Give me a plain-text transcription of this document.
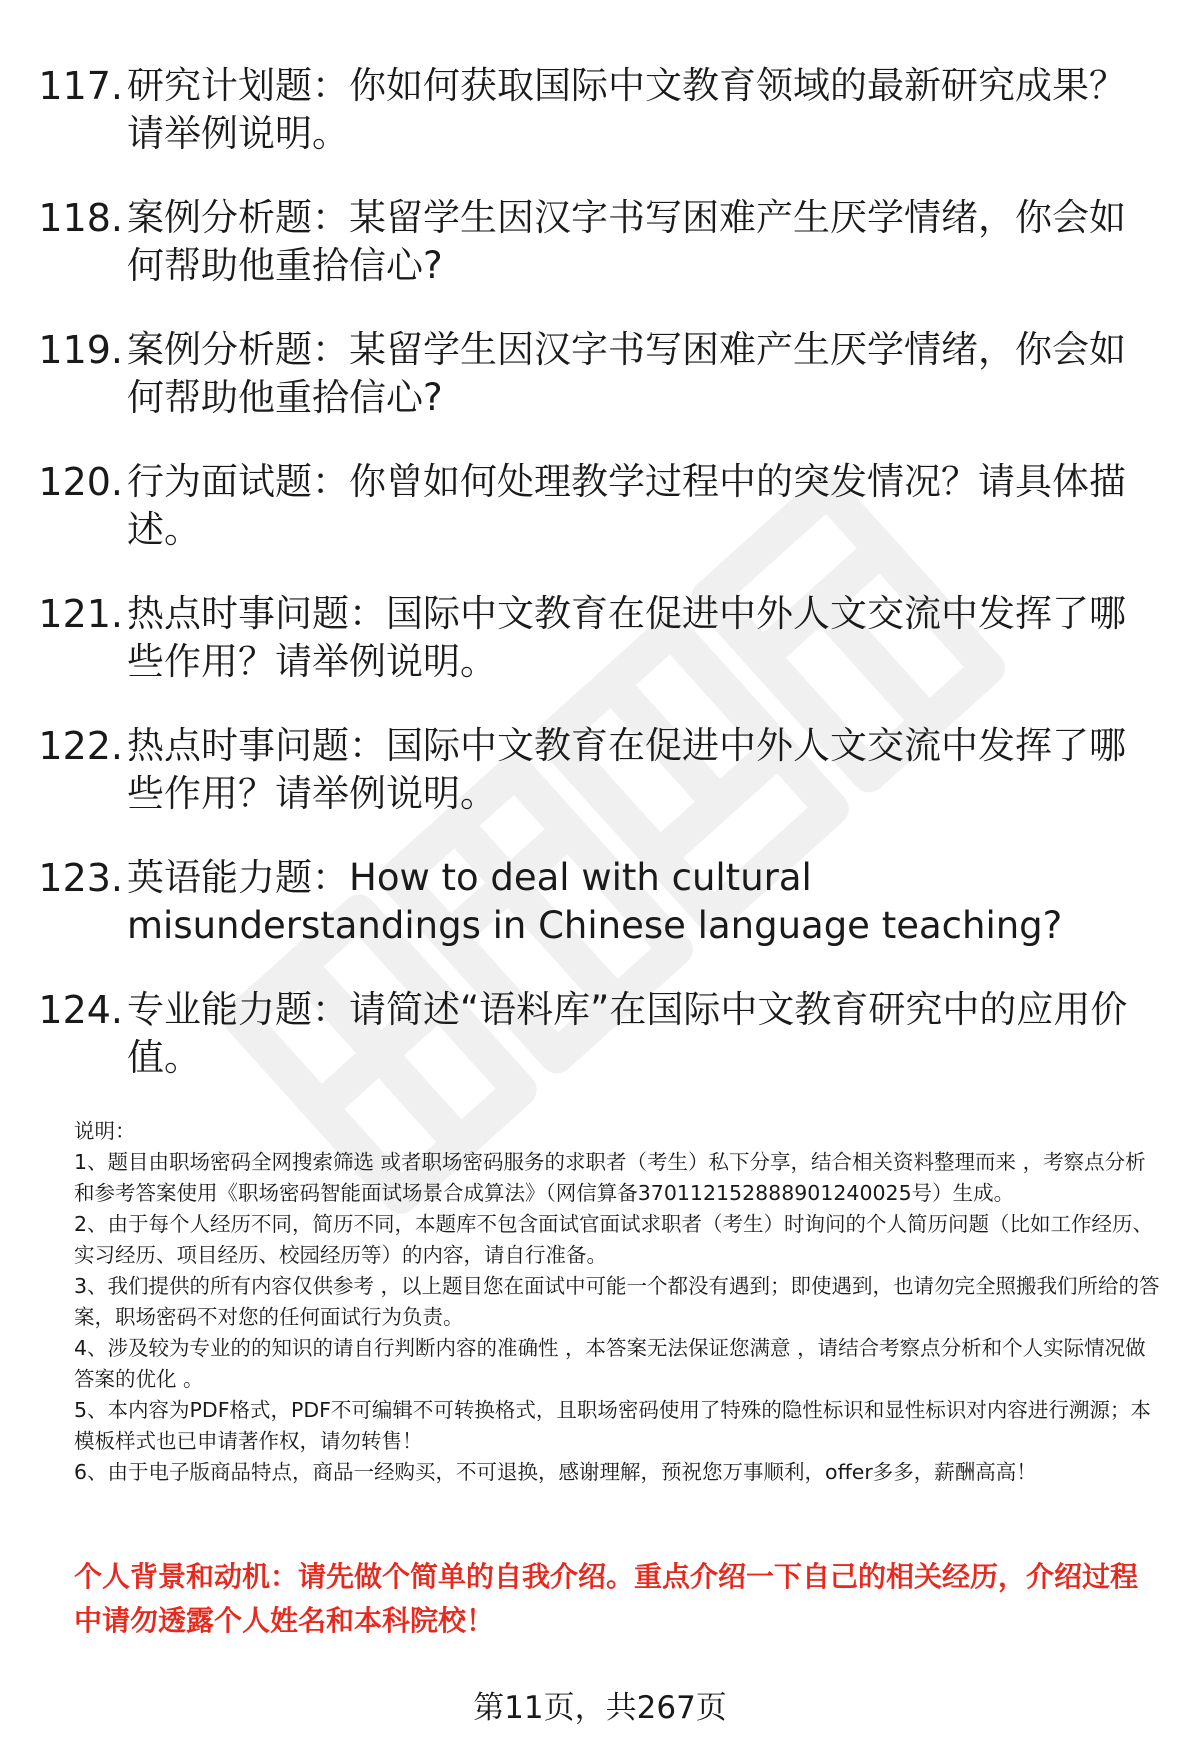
117. 研究计划题：你如何获取国际中文教育领域的最新研究成果？请举例说明。
118. 案例分析题：某留学生因汉字书写困难产生厌学情绪，你会如何帮助他重拾信心?
119. 案例分析题：某留学生因汉字书写困难产生厌学情绪，你会如何帮助他重拾信心?
120. 行为面试题：你曾如何处理教学过程中的突发情况？请具体描述。
121. 热点时事问题：国际中文教育在促进中外人文交流中发挥了哪些作用？请举例说明。
122. 热点时事问题：国际中文教育在促进中外人文交流中发挥了哪些作用？请举例说明。
123. 英语能力题：How to deal with cultural misunderstandings in Chinese language teaching?
124. 专业能力题：请简述“语料库”在国际中文教育研究中的应用价值。

说明：

1、题目由职场密码全网搜索筛选 或者职场密码服务的求职者（考生）私下分享，结合相关资料整理而来 ，考察点分析和参考答案使用《职场密码智能面试场景合成算法》（网信算备370112152888901240025号）生成。

2、由于每个人经历不同，简历不同，本题库不包含面试官面试求职者（考生）时询问的个人简历问题（比如工作经历、实习经历、项目经历、校园经历等）的内容，请自行准备。

3、我们提供的所有内容仅供参考 ，以上题目您在面试中可能一个都没有遇到；即使遇到，也请勿完全照搬我们所给的答案，职场密码不对您的任何面试行为负责。

4、涉及较为专业的的知识的请自行判断内容的准确性 ，本答案无法保证您满意 ，请结合考察点分析和个人实际情况做答案的优化 。

5、本内容为PDF格式，PDF不可编辑不可转换格式，且职场密码使用了特殊的隐性标识和显性标识对内容进行溯源；本模板样式也已申请著作权，请勿转售！

6、由于电子版商品特点，商品一经购买，不可退换，感谢理解，预祝您万事顺利，offer多多，薪酬高高！

个人背景和动机：请先做个简单的自我介绍。重点介绍一下自己的相关经历，介绍过程中请勿透露个人姓名和本科院校！
第11页，共267页
